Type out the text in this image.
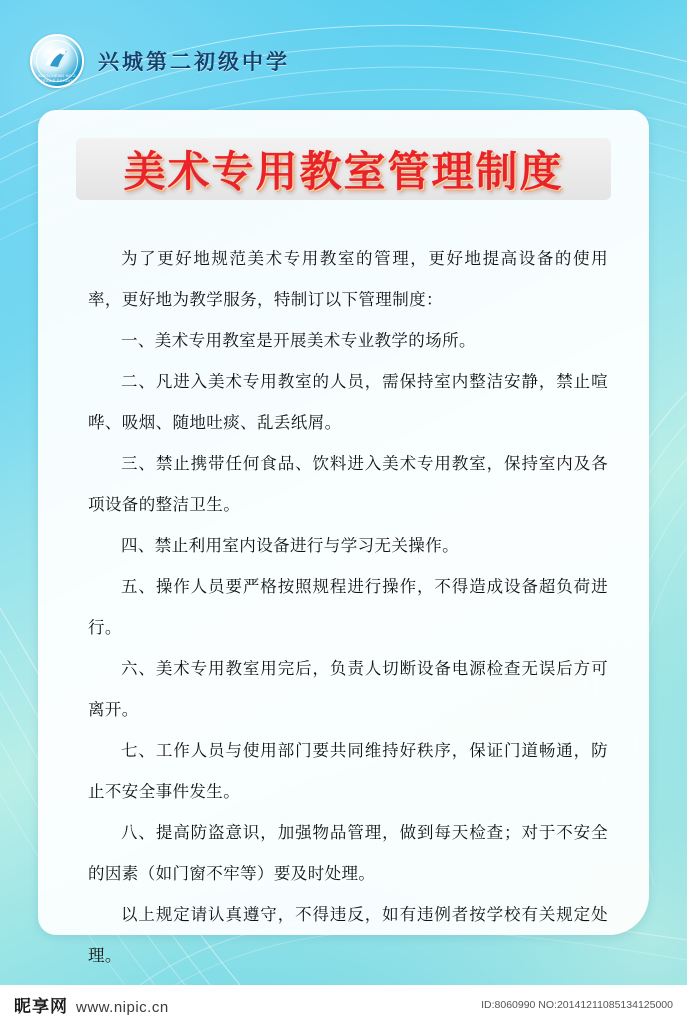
XINGCHENG NO.2 MIDDLE SCHOOL
兴城第二初级中学
美术专用教室管理制度

为了更好地规范美术专用教室的管理，更好地提高设备的使用率，更好地为教学服务，特制订以下管理制度：

一、美术专用教室是开展美术专业教学的场所。

二、凡进入美术专用教室的人员，需保持室内整洁安静，禁止喧哗、吸烟、随地吐痰、乱丢纸屑。

三、禁止携带任何食品、饮料进入美术专用教室，保持室内及各项设备的整洁卫生。

四、禁止利用室内设备进行与学习无关操作。

五、操作人员要严格按照规程进行操作，不得造成设备超负荷进行。

六、美术专用教室用完后，负责人切断设备电源检查无误后方可离开。

七、工作人员与使用部门要共同维持好秩序，保证门道畅通，防止不安全事件发生。

八、提高防盗意识，加强物品管理，做到每天检查；对于不安全的因素（如门窗不牢等）要及时处理。

以上规定请认真遵守，不得违反，如有违例者按学校有关规定处理。

昵享网 www.nipic.cn	ID:8060990 NO:20141211085134125000
